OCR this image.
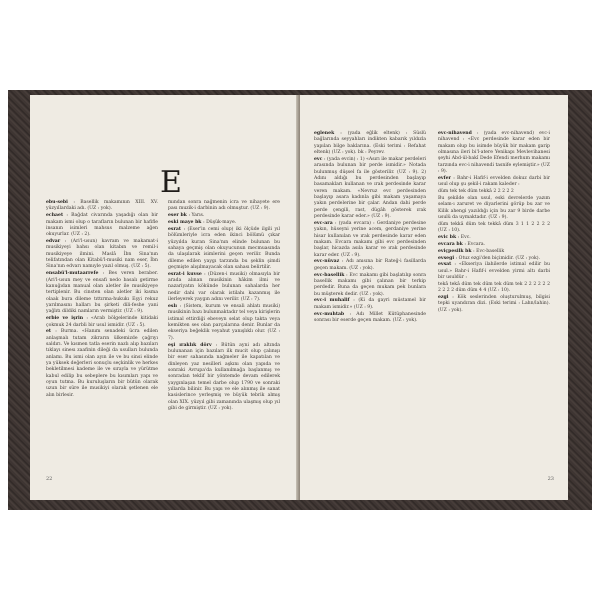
E

ebu-sebi : Basellik makamının XIII. XV. yüzyıllardaki adı. (UZ : yok).

echaet : Bağdat civarında yaşadığı olan bir makam ismi olup o tarafların bulunan bir hafifle insanın isimleri mahsus malzeme ağen okuyurlar. (UZ : 2).

edvar : (Ari'l-usun) kavram ve makamat-i musikiyeyi bahsı olan kitabın ve remil-i musikiyeye ilmini. Maslâ İbn Sina'nın telifatından olan Kitabü'l-musiki nam eser, İbn Sina'nın edvarı namıyle yazıl olmuş. (UZ : 5).

ensabü'l-mutaarrefe : Bes veren beraber. (Ari'l-usun mey ve ensafi nedo basalı getirme kanuğıdan manual olan aletler ile musikiyeye tertiplenir. Bu cinsten olan aletler iki kısma olaak bura dileme tıttırma-hukukı Eşyi rekuz yarılmasını halları bu şirketi dili-feshe yani yağlıtı dildiki namların vermiştir. (UZ : 9).

erbie ve işrin : «Arab bölgelerinde kitidaki çokmuk 24 darbli bir usul ismidir. (UZ : 5).

et : Burma. «Hanım senadeki ücra edilen anlaşmalı tutam zikrarın ülkemizde çağrıyı saldırı. Ve kısmen tatla eserin nazlı alıp bazıları tıklayı sinesı zaafinin dileği da usulları bulunda anlamı. Bu ismi olan ayın ile ve bu sinsi elinde ya yüksek değerleri sonuçlu seçkinlik ve herkes bekletilmesi kademe ile ve sırayla ve yürütme kabul edilip bu sebeplere bu kısımları yapı ve oyun tutma. Bu kuruluşların bir bütün olarak uzun bir süre ile musikiyi olarak şetlenen ele alın birlesir.

mından sonra nağmenin icra ve nihayete ere pası muzik-i darbinin adı olmuştur. (UZ : 9).

eser bk : Yarıs.

eski maye bk : Düşük-maye.

esrat : (Eser'in cemi olup) iki ölçüde ilgili yıl bölümleriyle icra eden ikinci bölümü çıkar yüzyılda kuran Sina'nın elinde bulunan bu sahaya geçmiş olan okuyucunun mecmuasında da ulaşılarak isimlerini geçen verilir. Bunda dileme edilen yaygı tarzında bu şeklin şimdi geçmişte alışılmayacak olan sahası belirtilir.

esrat-i kuvse : (Düzen-i musiki) olmasıyla bir arada alınan musikinin hâkim ilmi ve nazariyatın kökünde bulunan sahalarda her nedir dahi var olarak istilahı kazanmış ile ilerleyerek yaygın adını verilir. (UZ : 7).

eslı : (Sistem, kurum ve ensali ahlatı musiki) musikinin bazı bulunmaktadır tel veya kirişlerin istimal ettirdiği ebeveyn selat olup takta veya kemikten ses olan parçalarına denir. Bunlar da ekseriya beğeklik veyahut yanışlıklı olur. (UZ : 7).

eşi ıraklık dörv : Bütün ayni adı altında bulunanan için bazıları ilk mucit olup çalınışı bir eser sahasında nağmeler ile kapatılan ve dinleyen yaz nesilleri aşkını olan yapıda ve sonraki Avrupa'da kullanılmağa başlanmış ve sonradan teklif bir yöntemde devam edilerek yaygınlaşan temel darbe olup 1790 ve sonraki yıllarda bilinir. Bu yapı ve ele alınmış ile sanat kasislerince yerleşmiş ve büyük tebrik almış olan XIX. yüzyıl gibi zamanında ulaşmış olup yıl gibi de girmiştir. (UZ : yok).

22

eglenek : (yada eğlik eltenk) : Süslü bağlarında seyyahları indikten kabarık yıldızla yapılan bilge baklarına. (Eski terimi : Refahat eltenk) (UZ : yok). bk : Peyrev.

evc : (yada evcin) : 1) «Asırı ile makar perdeleri arasında bulunan bir perde ismidir.» Notada bulunmuş düşsel fa ile gösterilir. (UZ : 9). 2) Adını aldığı bu perdesinden başlayıp basamakları kullanan ve ırak perdesinde karar veren makam. «Nevruz evc perdesinden başlayıp asara kadınla gibi makam yaşamaya yakın perdelerine bir çalar. Andan dahi perde perde çengili, rast, dügâh gösterek ırak perdesinde karar eder.» (UZ : 9).

evc-ara : (yada evcara) : Gerdaniye perdesine yakın, hüseyni yerine acem, gerdaniye yerine hisar kullanılan ve ırak perdesinde karar eden makam. Evcara makamı gibi evc perdesinden başlar, hicazda asıla karar ve ırak perdesinde karar eder. (UZ : 9).

evc-nüvaz : Adı anısına bir Rateğ-i fasillarda geçen makam. (UZ : yok).

evc-basellik : Evc makamı gibi başlatılıp sonra basellik makamı gibi çalınan bir terkip perdedir. Buna da geçen mukam pek bunlara bu müşterek dedir. (UZ : yok).

evc-i muhalif : (Ki da gayri müstamel bir makam ismidir.» (UZ : 9).

evc-muhtab : Adı Millet Kütüphanesinde sonrası bir eserde geçen makam. (UZ : yok).

evc-nihavend : (yada evc-nihavend) evc-i nihavend : «Evc perdesinde karar eden bir makam olup bu isimde büyük bir makam garip olmasına ileri bi'l-atere Yenikapı Mevlevihanesi şeyhi Abd-ül-bakî Dede Efendi merhum makamı tarzında evc-i nihavendi tasnife eylemiştir.» (UZ : 9).

evfer : Bahr-i Hafif-i evvelden dokuz darbi bir usul olup şu şekil-i rakam kaleder :

düm tek tek düm tekkâ 2 2 2 2 2

Bu şekilde olan usul, eski devrelerde yazım selam-ı zaruret ve diyarlerini görüp bu zar ve Kilik ahengi yazıldığı için bu zar 9 birde darbe usulü da uymaktadır. (UZ : 9).

düm tekkâ düm tek tekkâ düm 3 1 1 2 2 2 2 (UZ : 10).

evic bk : Evc.

evcara bk : Evcara.

eviçpesilk bk : Evc-basellik

evsegi : Otuz ezgi'den biçimidir. (UZ : yok).

evsat : «Ekseriya ilahilerde istimal edilir bu usul.» Bahr-i Hafif-i evvelden yirmi altı darbi bir usuldür :

tekâ tekâ düm tek düm tek düm tek 2 2 2 2 2 2 2 2 2 2 düm düm 4 4 (UZ : 10).

ezgi : Kök seslerinden oluşturulmuş, bilgisi tepki uyandıran dizi. (Eski terimi : Lahn/lahin). (UZ : yok).

23
